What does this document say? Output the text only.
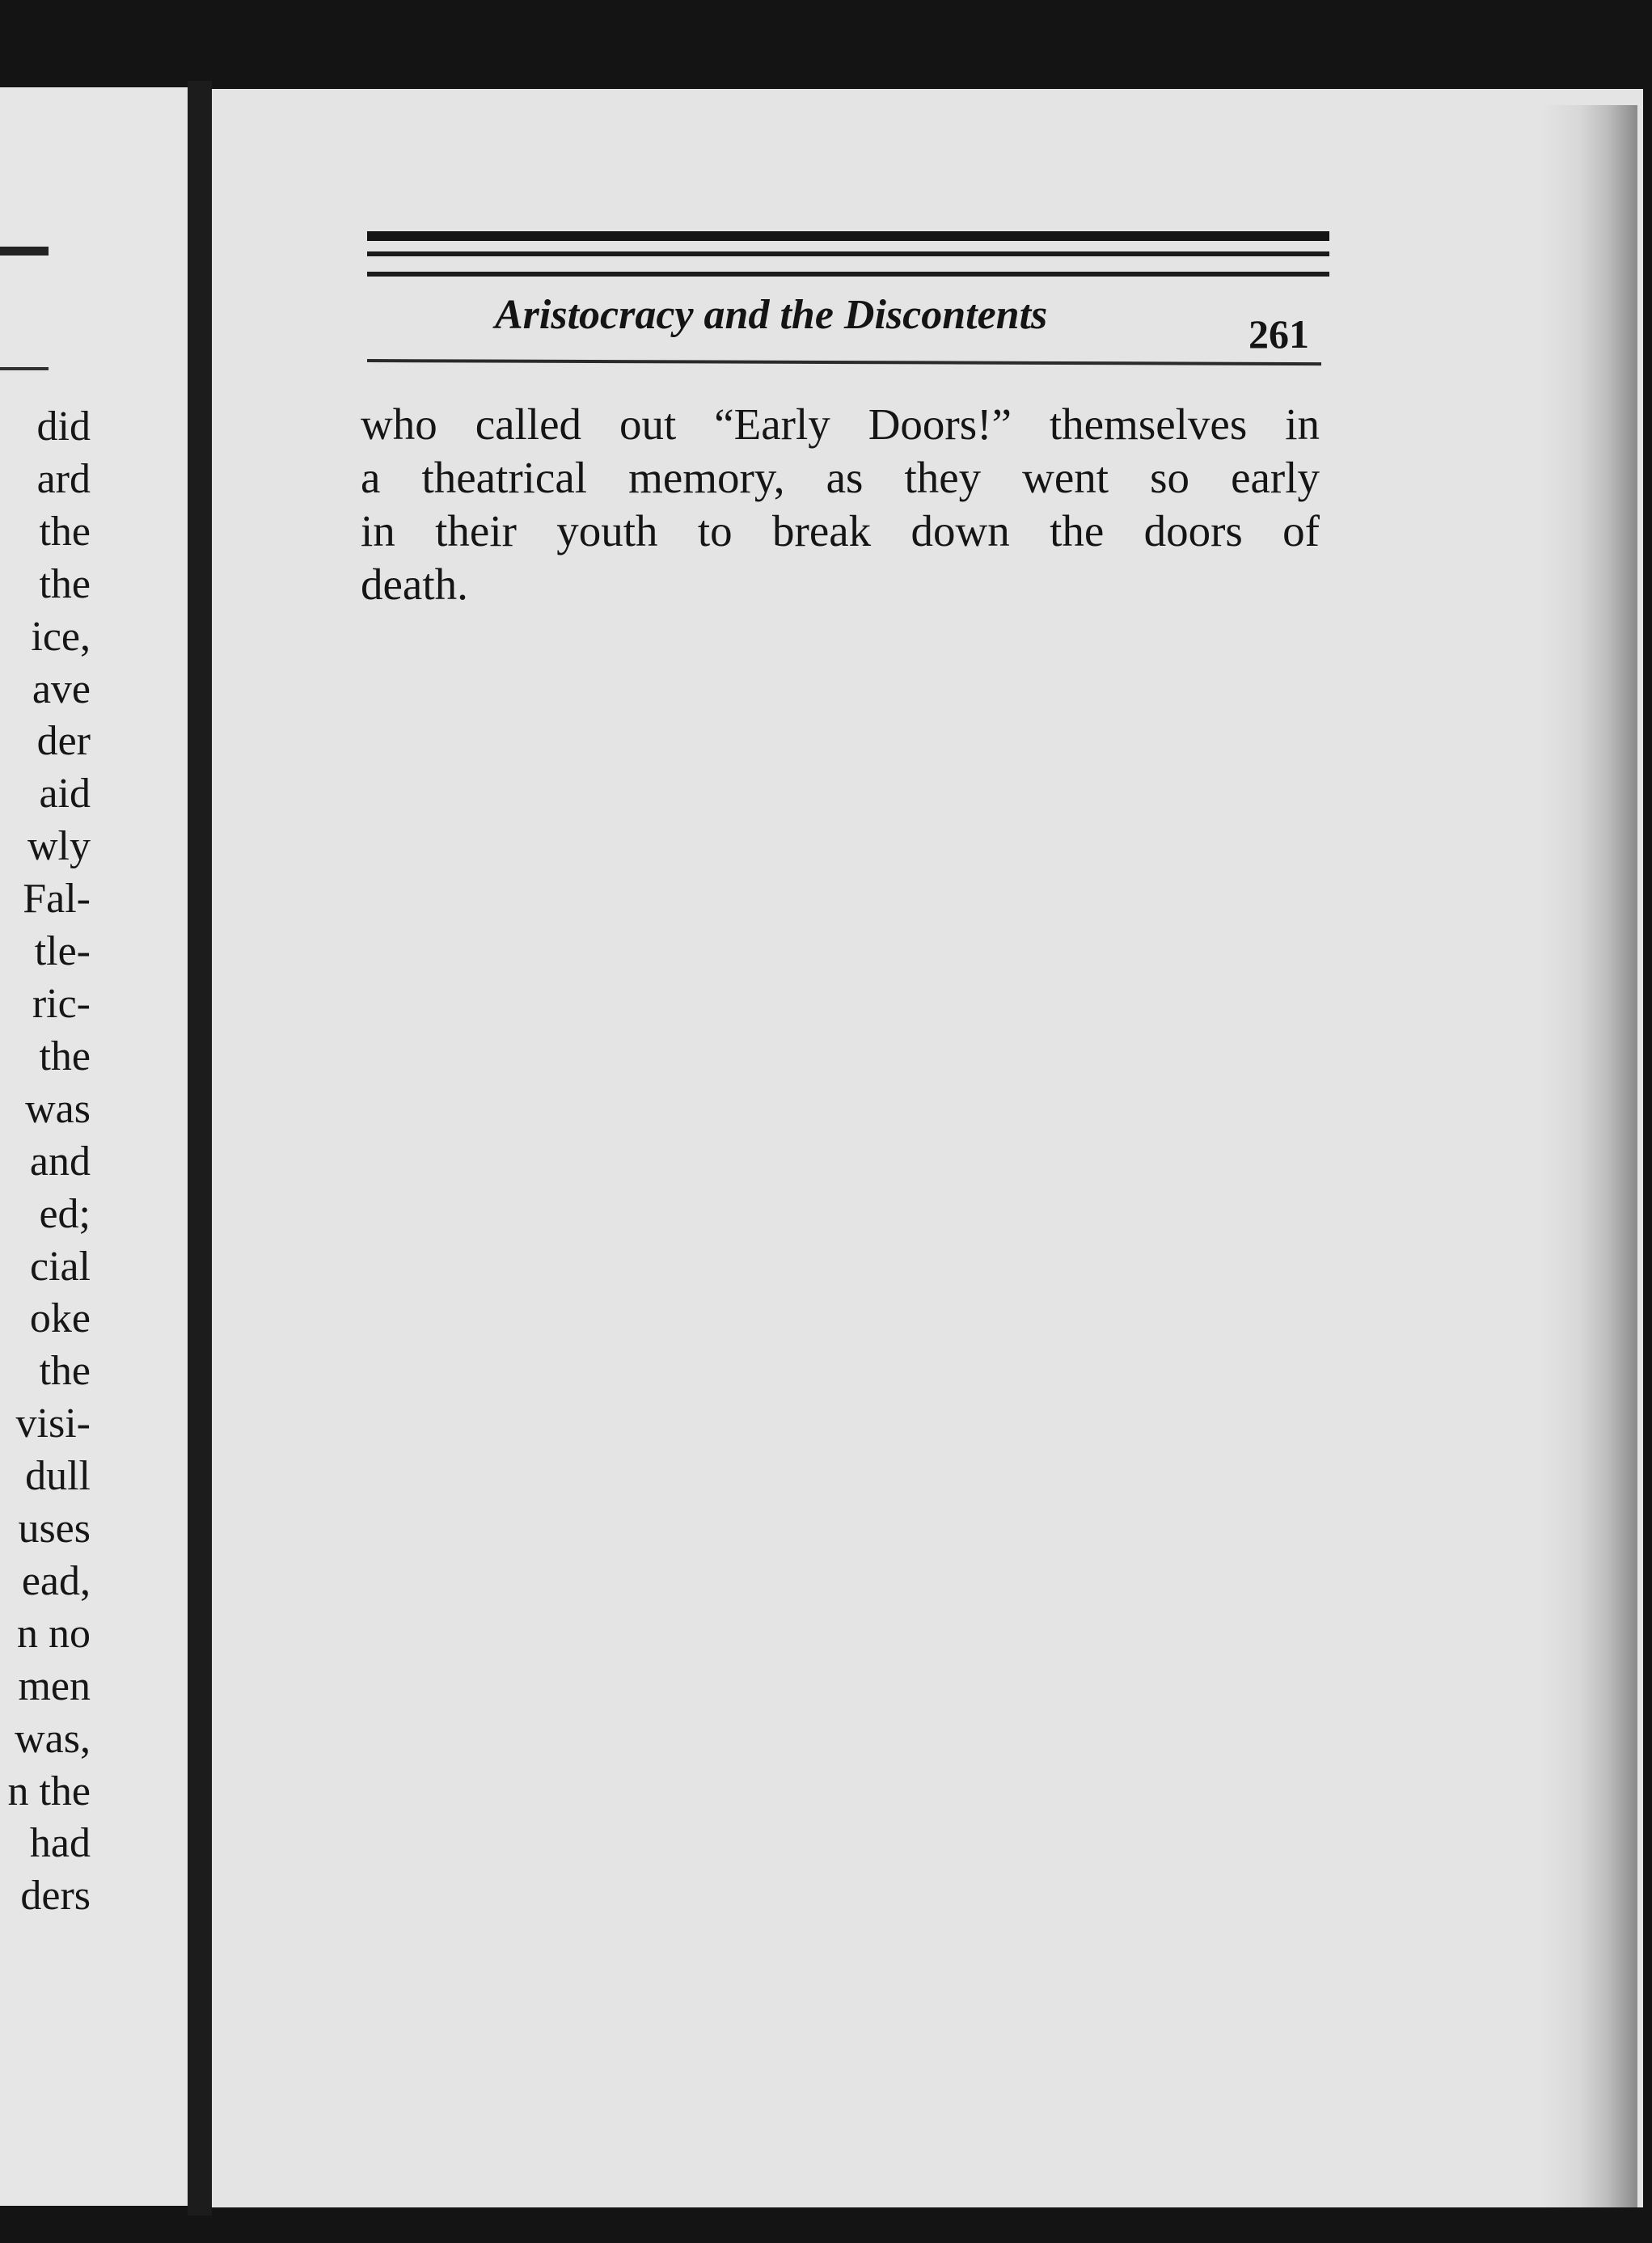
did
ard
the
the
ice,
ave
der
aid
wly
Fal-
tle-
ric-
the
was
and
ed;
cial
oke
the
visi-
dull
uses
ead,
n no
men
was,
n the
had
ders
Aristocracy and the Discontents	261
who called out “Early Doors!” themselves in
a theatrical memory, as they went so early
in their youth to break down the doors of
death.
